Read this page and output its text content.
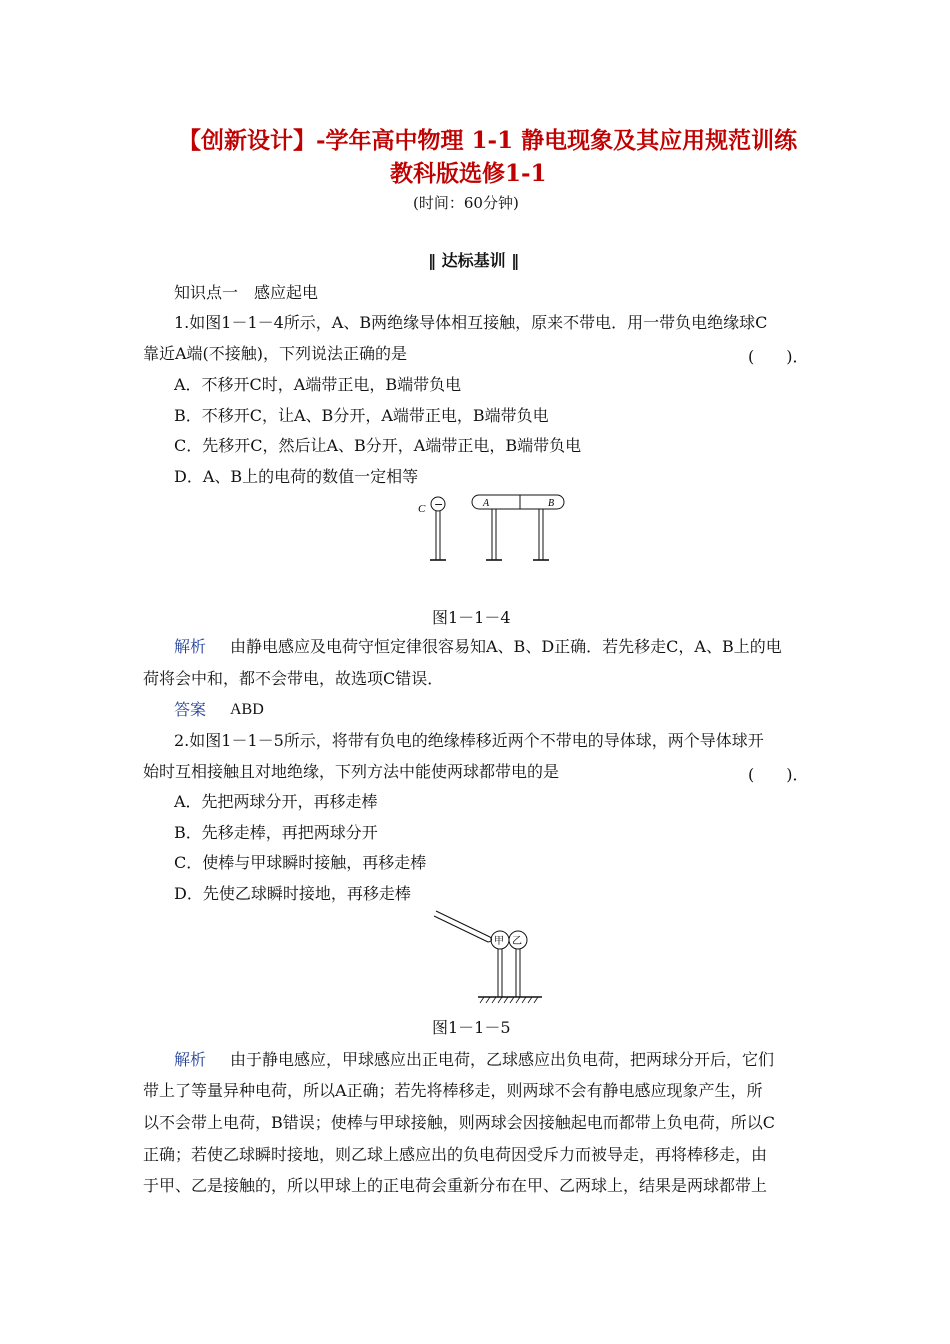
【创新设计】-学年高中物理 1-1 静电现象及其应用规范训练
教科版选修1-1
(时间：60分钟)
‖ 达标基训 ‖
知识点一　感应起电
1.如图1－1－4所示，A、B两绝缘导体相互接触，原来不带电．用一带负电绝缘球C
靠近A端(不接触)，下列说法正确的是	(　　)．
A．不移开C时，A端带正电，B端带负电
B．不移开C，让A、B分开，A端带正电，B端带负电
C．先移开C，然后让A、B分开，A端带正电，B端带负电
D．A、B上的电荷的数值一定相等
C −	A	B
图1－1－4
解析 由静电感应及电荷守恒定律很容易知A、B、D正确．若先移走C，A、B上的电
荷将会中和，都不会带电，故选项C错误．
答案 ABD
2.如图1－1－5所示，将带有负电的绝缘棒移近两个不带电的导体球，两个导体球开
始时互相接触且对地绝缘，下列方法中能使两球都带电的是	(　　)．
A．先把两球分开，再移走棒
B．先移走棒，再把两球分开
C．使棒与甲球瞬时接触，再移走棒
D．先使乙球瞬时接地，再移走棒
甲 乙
图1－1－5
解析 由于静电感应，甲球感应出正电荷，乙球感应出负电荷，把两球分开后，它们
带上了等量异种电荷，所以A正确；若先将棒移走，则两球不会有静电感应现象产生，所
以不会带上电荷，B错误；使棒与甲球接触，则两球会因接触起电而都带上负电荷，所以C
正确；若使乙球瞬时接地，则乙球上感应出的负电荷因受斥力而被导走，再将棒移走，由
于甲、乙是接触的，所以甲球上的正电荷会重新分布在甲、乙两球上，结果是两球都带上
